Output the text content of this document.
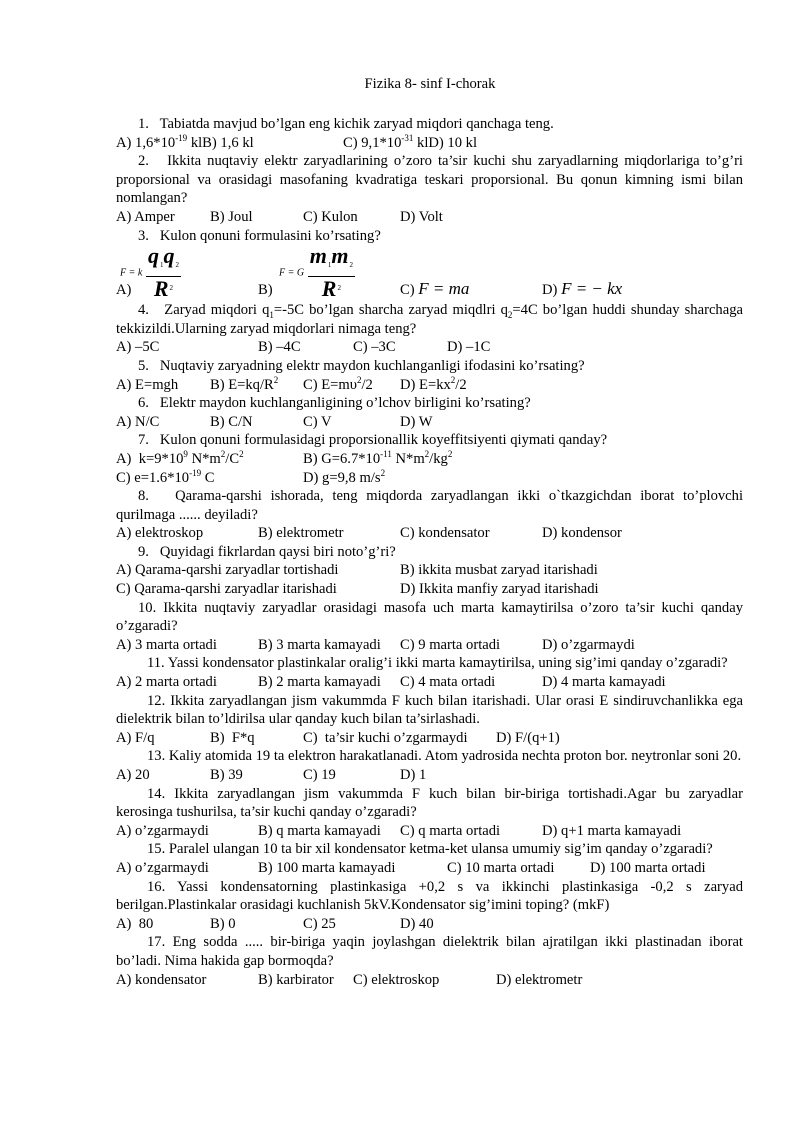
Fizika 8- sinf I-chorak

1.   Tabiatda mavjud bo’lgan eng kichik zaryad miqdori qanchaga teng.

A) $1,6*10^{-19}$ klB) 1,6 kl	C) $9,1*10^{-31}$ klD) 10 kl

2.   Ikkita nuqtaviy elektr zaryadlarining o’zoro ta’sir kuchi shu zaryadlarning miqdorlariga to’g’ri proporsional va orasidagi masofaning kvadratiga teskari proporsional. Bu qonun kimning ismi bilan nomlangan?

A) Amper B) Joul	C) Kulon	D) Volt

3.   Kulon qonuni formulasini ko’rsating?

A)
F = k $\frac{q_1q_2}{R^2}$	B)
F = G $\frac{m_1m_2}{R^2}$	C) F = ma	D) F = − kx

4.   Zaryad miqdori $q_1=-5C$ bo’lgan sharcha zaryad miqdlri $q_2=4C$ bo’lgan huddi shunday sharchaga tekkizildi.Ularning zaryad miqdorlari nimaga teng?

A) –5C	B) –4C	C) –3C	D) –1C

5.   Nuqtaviy zaryadning elektr maydon kuchlanganligi ifodasini ko’rsating?

A) E=mgh B) $E=kq/R^2$ C) $E=m\upsilon^2/2$ D) $E=kx^2/2$

6.   Elektr maydon kuchlanganligining o’lchov birligini ko’rsating?

A) N/C	B) C/N	C) V	D) W

7.   Kulon qonuni formulasidagi proporsionallik koyeffitsiyenti qiymati qanday?

A)  $k=9*10^9$ $N*m^2/C^2$	B) $G=6.7*10^{-11}$ $N*m^2/kg^2$
C) $e=1.6*10^{-19}$ C	D) g=9,8 $m/s^2$

8.   Qarama-qarshi ishorada, teng miqdorda zaryadlangan ikki o`tkazgichdan iborat to’plovchi qurilmaga ...... deyiladi?

A) elektroskop	B) elektrometr	C) kondensator	D) kondensor

9.   Quyidagi fikrlardan qaysi biri noto’g’ri?

A) Qarama-qarshi zaryadlar tortishadi	B) ikkita musbat zaryad itarishadi
C) Qarama-qarshi zaryadlar itarishadi	D) Ikkita manfiy zaryad itarishadi

10. Ikkita nuqtaviy zaryadlar orasidagi masofa uch marta kamaytirilsa o’zoro ta’sir kuchi qanday o’zgaradi?

A) 3 marta ortadi	B) 3 marta kamayadi C) 9 marta ortadi	D) o’zgarmaydi

11. Yassi kondensator plastinkalar oralig’i ikki marta kamaytirilsa, uning sig’imi qanday o’zgaradi?

A) 2 marta ortadi	B) 2 marta kamayadi C) 4 mata ortadi	D) 4 marta kamayadi

12. Ikkita zaryadlangan jism vakummda F kuch bilan itarishadi. Ular orasi E sindiruvchanlikka ega dielektrik bilan to’ldirilsa ular qanday kuch bilan ta’sirlashadi.

A) F/q	B)  F*q	C)  ta’sir kuchi o’zgarmaydi D) F/(q+1)

13. Kaliy atomida 19 ta elektron harakatlanadi. Atom yadrosida nechta proton bor. neytronlar soni 20.

A) 20	B) 39	C) 19	D) 1

14. Ikkita zaryadlangan jism vakummda F kuch bilan bir-biriga tortishadi.Agar bu zaryadlar kerosinga tushurilsa, ta’sir kuchi qanday o’zgaradi?

A) o’zgarmaydi	B) q marta kamayadi C) q marta ortadi	D) q+1 marta kamayadi

15. Paralel ulangan 10 ta bir xil kondensator ketma-ket ulansa umumiy sig’im qanday o’zgaradi?

A) o’zgarmaydi	B) 100 marta kamayadi	C) 10 marta ortadi D) 100 marta ortadi

16. Yassi kondensatorning plastinkasiga +0,2 s va ikkinchi plastinkasiga -0,2 s zaryad berilgan.Plastinkalar orasidagi kuchlanish 5kV.Kondensator sig’imini toping? (mkF)

A)  80	B) 0	C) 25	D) 40

17. Eng sodda ..... bir-biriga yaqin joylashgan dielektrik bilan ajratilgan ikki plastinadan iborat bo’ladi. Nima hakida gap bormoqda?

A) kondensator	B) karbirator C) elektroskop	D) elektrometr
